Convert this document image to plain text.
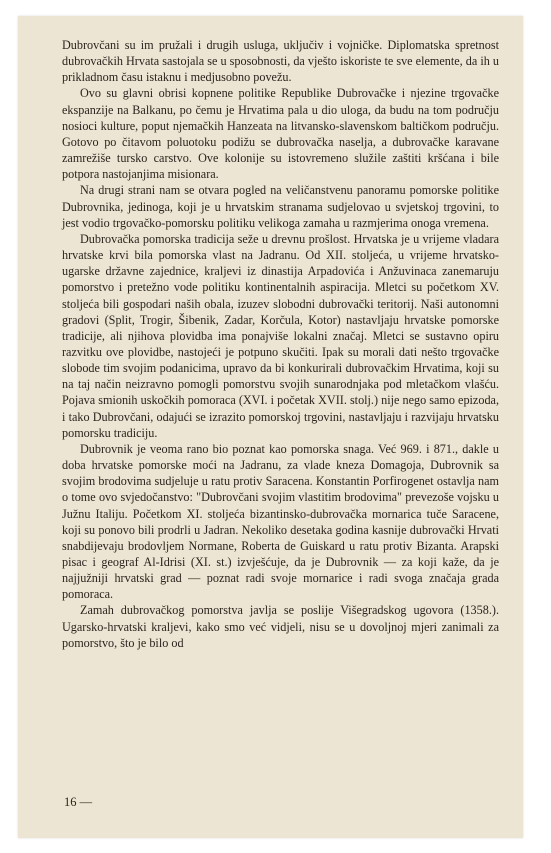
Dubrovčani su im pružali i drugih usluga, uključiv i vojničke. Diplomatska spretnost dubrovačkih Hrvata sastojala se u sposobnosti, da vješto iskoriste te sve elemente, da ih u prikladnom času istaknu i medjusobno povežu.

Ovo su glavni obrisi kopnene politike Republike Dubrovačke i njezine trgovačke ekspanzije na Balkanu, po čemu je Hrvatima pala u dio uloga, da budu na tom području nosioci kulture, poput njemačkih Hanzeata na litvansko-slavenskom baltičkom području. Gotovo po čitavom poluotoku podižu se dubrovačka naselja, a dubrovačke karavane zamrežiše tursko carstvo. Ove kolonije su istovremeno služile zaštiti kršćana i bile potpora nastojanjima misionara.

Na drugi strani nam se otvara pogled na veličanstvenu panoramu pomorske politike Dubrovnika, jedinoga, koji je u hrvatskim stranama sudjelovao u svjetskoj trgovini, to jest vodio trgovačko-pomorsku politiku velikoga zamaha u razmjerima onoga vremena.

Dubrovačka pomorska tradicija seže u drevnu prošlost. Hrvatska je u vrijeme vladara hrvatske krvi bila pomorska vlast na Jadranu. Od XII. stoljeća, u vrijeme hrvatsko-ugarske državne zajednice, kraljevi iz dinastija Arpadovića i Anžuvinaca zanemaruju pomorstvo i pretežno vode politiku kontinentalnih aspiracija. Mletci su početkom XV. stoljeća bili gospodari naših obala, izuzev slobodni dubrovački teritorij. Naši autonomni gradovi (Split, Trogir, Šibenik, Zadar, Korčula, Kotor) nastavljaju hrvatske pomorske tradicije, ali njihova plovidba ima ponajviše lokalni značaj. Mletci se sustavno opiru razvitku ove plovidbe, nastojeći je potpuno skučiti. Ipak su morali dati nešto trgovačke slobode tim svojim podanicima, upravo da bi konkurirali dubrovačkim Hrvatima, koji su na taj način neizravno pomogli pomorstvu svojih sunarodnjaka pod mletačkom vlašću. Pojava smionih uskočkih pomoraca (XVI. i početak XVII. stolj.) nije nego samo epizoda, i tako Dubrovčani, odajući se izrazito pomorskoj trgovini, nastavljaju i razvijaju hrvatsku pomorsku tradiciju.

Dubrovnik je veoma rano bio poznat kao pomorska snaga. Već 969. i 871., dakle u doba hrvatske pomorske moći na Jadranu, za vlade kneza Domagoja, Dubrovnik sa svojim brodovima sudjeluje u ratu protiv Saracena. Konstantin Porfirogenet ostavlja nam o tome ovo svjedočanstvo: "Dubrovčani svojim vlastitim brodovima" prevezoše vojsku u Južnu Italiju. Početkom XI. stoljeća bizantinsko-dubrovačka mornarica tuče Saracene, koji su ponovo bili prodrli u Jadran. Nekoliko desetaka godina kasnije dubrovački Hrvati snabdijevaju brodovljem Normane, Roberta de Guiskard u ratu protiv Bizanta. Arapski pisac i geograf Al-Idrisi (XI. st.) izvješćuje, da je Dubrovnik — za koji kaže, da je najjužniji hrvatski grad — poznat radi svoje mornarice i radi svoga značaja grada pomoraca.

Zamah dubrovačkog pomorstva javlja se poslije Višegradskog ugovora (1358.). Ugarsko-hrvatski kraljevi, kako smo već vidjeli, nisu se u dovoljnoj mjeri zanimali za pomorstvo, što je bilo od

16 —
